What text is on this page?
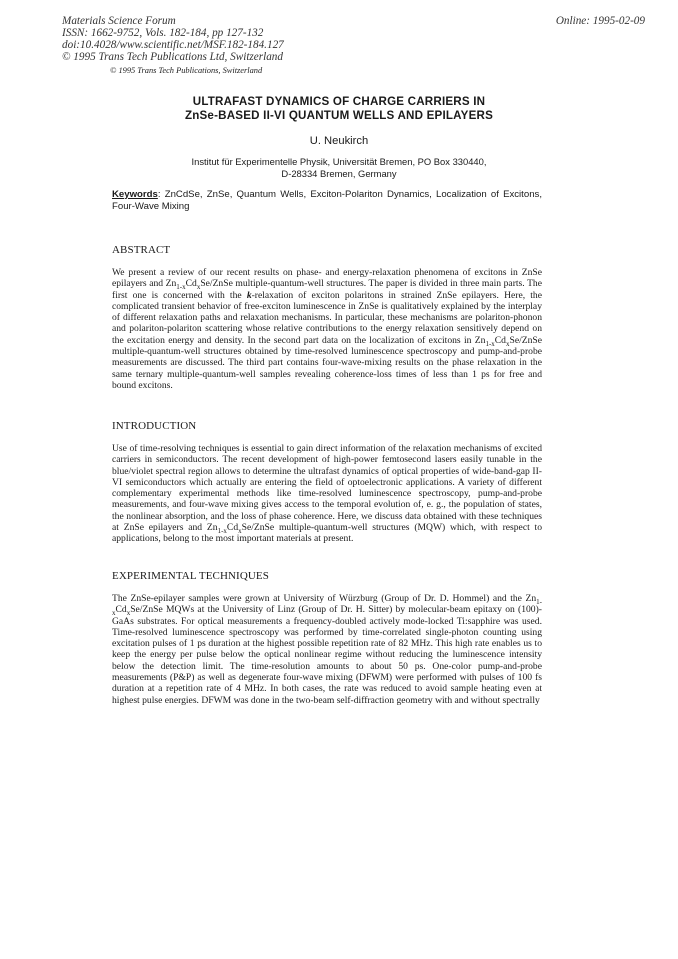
Materials Science Forum
ISSN: 1662-9752, Vols. 182-184, pp 127-132
doi:10.4028/www.scientific.net/MSF.182-184.127
© 1995 Trans Tech Publications Ltd, Switzerland
Online: 1995-02-09
© 1995 Trans Tech Publications, Switzerland
ULTRAFAST DYNAMICS OF CHARGE CARRIERS IN
ZnSe-BASED II-VI QUANTUM WELLS AND EPILAYERS
U. Neukirch
Institut für Experimentelle Physik, Universität Bremen, PO Box 330440,
D-28334 Bremen, Germany
Keywords: ZnCdSe, ZnSe, Quantum Wells, Exciton-Polariton Dynamics, Localization of Excitons, Four-Wave Mixing
ABSTRACT

We present a review of our recent results on phase- and energy-relaxation phenomena of excitons in ZnSe epilayers and $Zn_{1-x}Cd_xSe$/ZnSe multiple-quantum-well structures. The paper is divided in three main parts. The first one is concerned with the k-relaxation of exciton polaritons in strained ZnSe epilayers. Here, the complicated transient behavior of free-exciton luminescence in ZnSe is qualitatively explained by the interplay of different relaxation paths and relaxation mechanisms. In particular, these mechanisms are polariton-phonon and polariton-polariton scattering whose relative contributions to the energy relaxation sensitively depend on the excitation energy and density. In the second part data on the localization of excitons in $Zn_{1-x}Cd_xSe$/ZnSe multiple-quantum-well structures obtained by time-resolved luminescence spectroscopy and pump-and-probe measurements are discussed. The third part contains four-wave-mixing results on the phase relaxation in the same ternary multiple-quantum-well samples revealing coherence-loss times of less than 1 ps for free and bound excitons.

INTRODUCTION

Use of time-resolving techniques is essential to gain direct information of the relaxation mechanisms of excited carriers in semiconductors. The recent development of high-power femtosecond lasers easily tunable in the blue/violet spectral region allows to determine the ultrafast dynamics of optical properties of wide-band-gap II-VI semiconductors which actually are entering the field of optoelectronic applications. A variety of different complementary experimental methods like time-resolved luminescence spectroscopy, pump-and-probe measurements, and four-wave mixing gives access to the temporal evolution of, e. g., the population of states, the nonlinear absorption, and the loss of phase coherence. Here, we discuss data obtained with these techniques at ZnSe epilayers and $Zn_{1-x}Cd_xSe$/ZnSe multiple-quantum-well structures (MQW) which, with respect to applications, belong to the most important materials at present.

EXPERIMENTAL TECHNIQUES

The ZnSe-epilayer samples were grown at University of Würzburg (Group of Dr. D. Hommel) and the $Zn_{1-x}Cd_xSe$/ZnSe MQWs at the University of Linz (Group of Dr. H. Sitter) by molecular-beam epitaxy on (100)-GaAs substrates. For optical measurements a frequency-doubled actively mode-locked Ti:sapphire was used. Time-resolved luminescence spectroscopy was performed by time-correlated single-photon counting using excitation pulses of 1 ps duration at the highest possible repetition rate of 82 MHz. This high rate enables us to keep the energy per pulse below the optical nonlinear regime without reducing the luminescence intensity below the detection limit. The time-resolution amounts to about 50 ps. One-color pump-and-probe measurements (P&P) as well as degenerate four-wave mixing (DFWM) were performed with pulses of 100 fs duration at a repetition rate of 4 MHz. In both cases, the rate was reduced to avoid sample heating even at highest pulse energies. DFWM was done in the two-beam self-diffraction geometry with and without spectrally
